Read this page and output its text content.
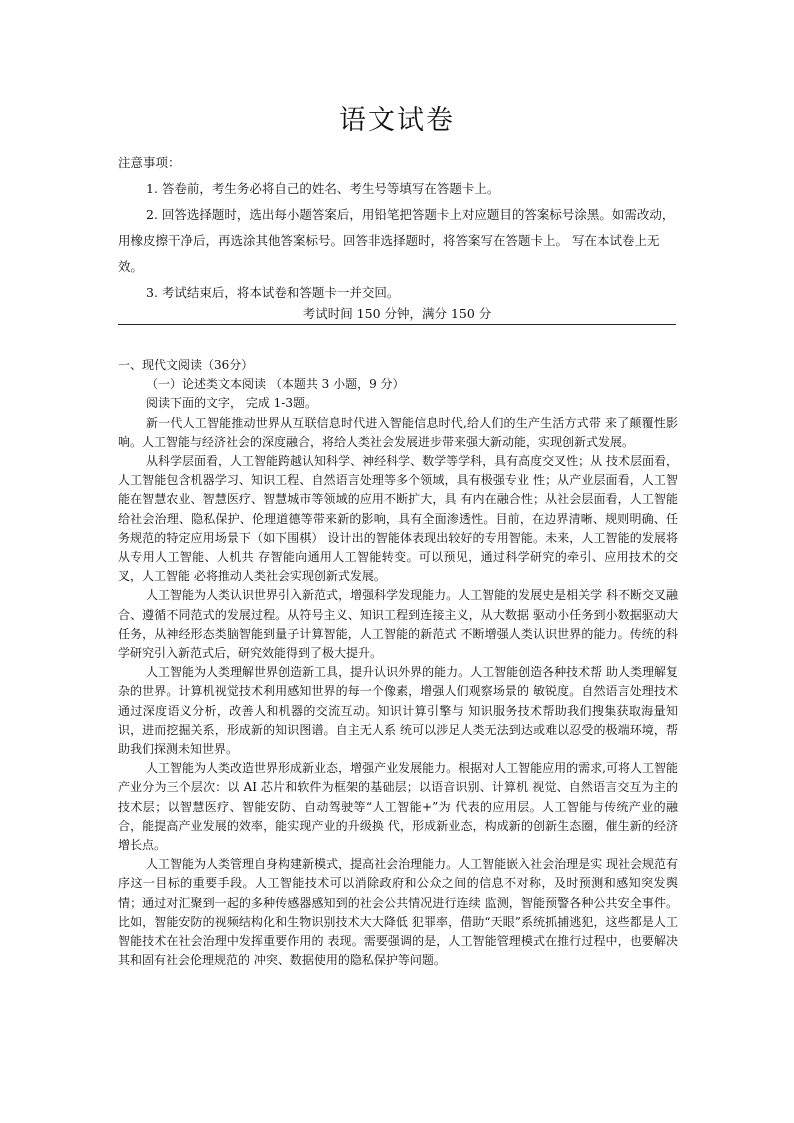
语文试卷

注意事项：

1. 答卷前，考生务必将自己的姓名、考生号等填写在答题卡上。

2. 回答选择题时，选出每小题答案后，用铅笔把答题卡上对应题目的答案标号涂黑。如需改动，用橡皮擦干净后，再选涂其他答案标号。回答非选择题时，将答案写在答题卡上。 写在本试卷上无效。

3. 考试结束后，将本试卷和答题卡一并交回。

考试时间 150 分钟，满分 150 分

一、现代文阅读（36分）

（一）论述类文本阅读 （本题共 3 小题，9 分）

阅读下面的文字， 完成 1-3题。

新一代人工智能推动世界从互联信息时代进入智能信息时代,给人们的生产生活方式带 来了颠覆性影响。人工智能与经济社会的深度融合，将给人类社会发展进步带来强大新动能，实现创新式发展。

从科学层面看，人工智能跨越认知科学、神经科学、数学等学科，具有高度交叉性；从 技术层面看，人工智能包含机器学习、知识工程、自然语言处理等多个领域，具有极强专业 性；从产业层面看，人工智能在智慧农业、智慧医疗、智慧城市等领域的应用不断扩大，具 有内在融合性；从社会层面看，人工智能给社会治理、隐私保护、伦理道德等带来新的影响，具有全面渗透性。目前，在边界清晰、规则明确、任务规范的特定应用场景下（如下围棋） 设计出的智能体表现出较好的专用智能。未来，人工智能的发展将从专用人工智能、人机共 存智能向通用人工智能转变。可以预见，通过科学研究的牵引、应用技术的交叉，人工智能 必将推动人类社会实现创新式发展。

人工智能为人类认识世界引入新范式，增强科学发现能力。人工智能的发展史是相关学 科不断交叉融合、遵循不同范式的发展过程。从符号主义、知识工程到连接主义，从大数据 驱动小任务到小数据驱动大任务，从神经形态类脑智能到量子计算智能，人工智能的新范式 不断增强人类认识世界的能力。传统的科学研究引入新范式后，研究效能得到了极大提升。

人工智能为人类理解世界创造新工具，提升认识外界的能力。人工智能创造各种技术帮 助人类理解复杂的世界。计算机视觉技术利用感知世界的每一个像素，增强人们观察场景的 敏锐度。自然语言处理技术通过深度语义分析，改善人和机器的交流互动。知识计算引擎与 知识服务技术帮助我们搜集获取海量知识，进而挖掘关系，形成新的知识图谱。自主无人系 统可以涉足人类无法到达或难以忍受的极端环境，帮助我们探测未知世界。

人工智能为人类改造世界形成新业态，增强产业发展能力。根据对人工智能应用的需求,可将人工智能产业分为三个层次：以 AI 芯片和软件为框架的基础层；以语音识别、计算机 视觉、自然语言交互为主的技术层；以智慧医疗、智能安防、自动驾驶等“人工智能+”为 代表的应用层。人工智能与传统产业的融合，能提高产业发展的效率，能实现产业的升级换 代，形成新业态，构成新的创新生态圈，催生新的经济增长点。

人工智能为人类管理自身构建新模式，提高社会治理能力。人工智能嵌入社会治理是实 现社会规范有序这一目标的重要手段。人工智能技术可以消除政府和公众之间的信息不对称，及时预测和感知突发舆情；通过对汇聚到一起的多种传感器感知到的社会公共情况进行连续 监测，智能预警各种公共安全事件。比如，智能安防的视频结构化和生物识别技术大大降低 犯罪率，借助“天眼”系统抓捕逃犯，这些都是人工智能技术在社会治理中发挥重要作用的 表现。需要强调的是，人工智能管理模式在推行过程中，也要解决其和固有社会伦理规范的 冲突、数据使用的隐私保护等问题。
